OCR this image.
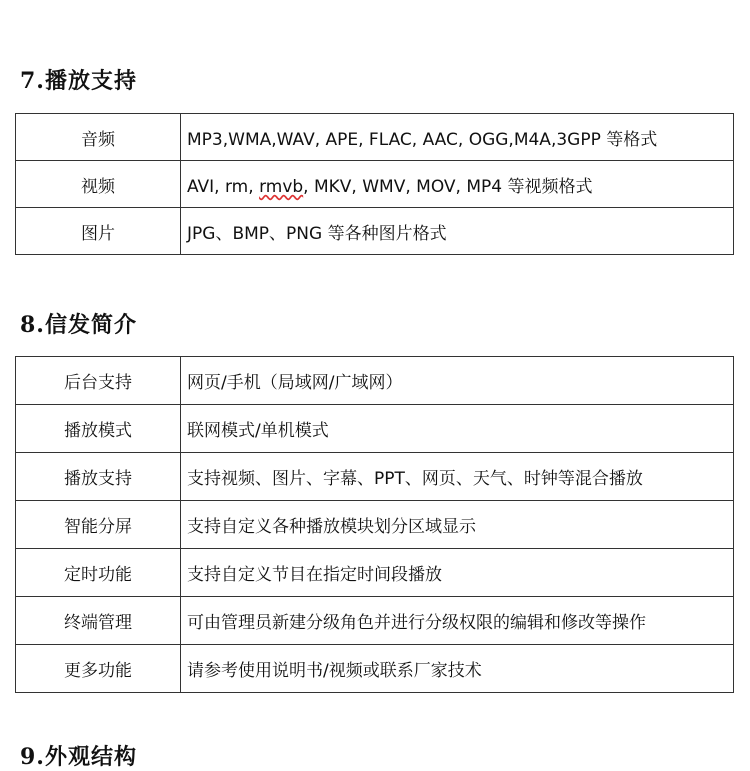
7.播放支持
音频	MP3,WMA,WAV, APE, FLAC, AAC, OGG,M4A,3GPP 等格式
视频	AVI, rm, rmvb, MKV, WMV, MOV, MP4 等视频格式
图片	JPG、BMP、PNG 等各种图片格式
8.信发简介
后台支持	网页/手机（局域网/广域网）
播放模式	联网模式/单机模式
播放支持	支持视频、图片、字幕、PPT、网页、天气、时钟等混合播放
智能分屏	支持自定义各种播放模块划分区域显示
定时功能	支持自定义节目在指定时间段播放
终端管理	可由管理员新建分级角色并进行分级权限的编辑和修改等操作
更多功能	请参考使用说明书/视频或联系厂家技术
9.外观结构
